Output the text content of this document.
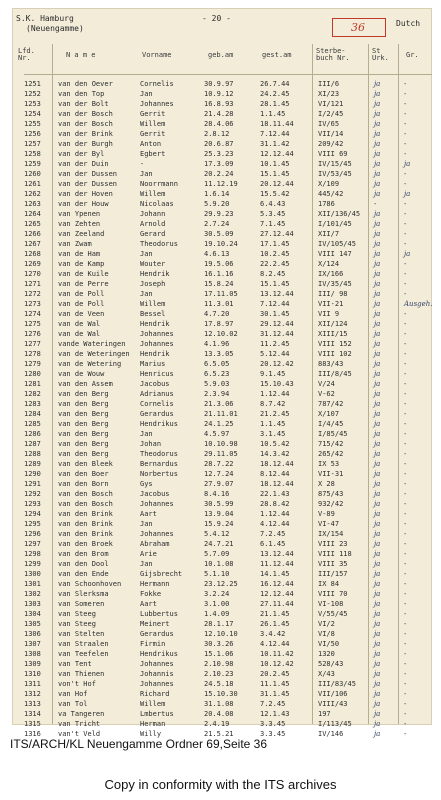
S.K. Hamburg
(Neuengamme)
- 20 -
36	Dutch
Lfd. Nr.	N a m e	Vorname	geb.am	gest.am	Sterbe-buch Nr.
St Urk.	Gr.
1251 van den Oever	Cornelis	30.9.97	26.7.44	III/6	ja	-
1252 van den Top	Jan	10.9.12	24.2.45	XI/23	ja	-
1253 van der Bolt	Johannes	16.8.93	28.1.45	VI/121	ja	-
1254 van der Bosch	Gerrit	21.4.28	1.1.45	I/2/45	ja	-
1255 van der Bosch	Willem	28.4.06	18.11.44	IV/65	ja	-
1256 van der Brink	Gerrit	2.8.12	7.12.44	VII/14	ja	-
1257 van der Burgh	Anton	20.6.87	31.1.42	209/42	ja	-
1258 van der Byl	Egbert	25.3.23	12.12.44	VIII 69	ja	-
1259 van der Duin	-	17.3.09	10.1.45	IV/15/45	ja	ja
1260 van der Dussen	Jan	20.2.24	15.1.45	IV/53/45	ja	-
1261 van der Dussen	Noorrmann	11.12.19	20.12.44	X/109	ja	-
1262 van der Hoven	Willem	1.6.14	15.5.42	445/42	ja	ja
1263 van der Houw	Nicolaas	5.9.20	6.4.43	1786	-	-
1264 van Ypenen	Johann	29.9.23	5.3.45	XII/136/45 ja	-
1265 van Zehten	Arnold	2.7.24	7.1.45	I/101/45	ja	-
1266 van Zeeland	Gerard	30.5.09	27.12.44	XII/7	ja	-
1267 van Zwam	Theodorus	19.10.24	17.1.45	IV/105/45	ja	-
1268 van de Ham	Jan	4.6.13	10.2.45	VIII 147	ja	ja
1269 van de Kamp	Wouter	19.5.06	22.2.45	X/124	ja	-
1270 van de Kuile	Hendrik	16.1.16	8.2.45	IX/166	ja	-
1271 van de Perre	Joseph	15.8.24	15.1.45	IV/35/45	ja	-
1272 van de Poll	Jan	17.11.05	13.12.44	III/ 98	ja	-
1273 van de Poll	Willem	11.3.01	7.12.44	VII-21	ja	Ausgeh.
1274 van de Veen	Bessel	4.7.20	30.1.45	VII 9	ja	-
1275 van de Wal	Hendrik	17.8.97	29.12.44	XII/124	ja	-
1276 van de Wal	Johannes	12.10.02	31.12.44	XIII/15	ja	-
1277 vande Wateringen Johannes	4.1.96	11.2.45	VIII 152	ja	-
1278 van de Weteringen Hendrik	13.3.05	5.12.44	VIII 102	ja	-
1279 van de Wetering	Marius	6.5.05	20.12.42	883/43	ja	-
1280 van de Wouw	Henricus	6.5.23	9.1.45	III/8/45	ja	-
1281 van den Assem	Jacobus	5.9.03	15.10.43	V/24	ja	-
1282 van den Berg	Adrianus	2.3.94	1.12.44	V-62	ja	-
1283 van den Berg	Cornelis	21.3.06	8.7.42	787/42	ja	-
1284 van den Berg	Gerardus	21.11.01	21.2.45	X/107	ja	-
1285 van den Berg	Hendrikus	24.1.25	1.1.45	I/4/45	ja	-
1286 van den Berg	Jan	4.5.97	3.1.45	I/85/45	ja	-
1287 van den Berg	Johan	10.10.98	10.5.42	715/42	ja	-
1288 van den Berg	Theodorus	29.11.05	14.3.42	265/42	ja	-
1289 van den Bleek	Bernardus	28.7.22	18.12.44	IX 53	ja	-
1290 van den Boer	Norbertus	12.7.24	8.12.44	VII-31	ja	-
1291 van den Born	Gys	27.9.07	18.12.44	X 28	ja	-
1292 van den Bosch	Jacobus	8.4.16	22.1.43	875/43	ja	-
1293 van den Bosch	Johannes	30.5.99	28.8.42	932/42	ja	-
1294 van den Brink	Aart	13.9.04	1.12.44	V-89	ja	-
1295 van den Brink	Jan	15.9.24	4.12.44	VI-47	ja	-
1296 van den Brink	Johannes	5.4.12	7.2.45	IX/154	ja	-
1297 van den Broek	Abraham	24.7.21	6.1.45	VIII 23	ja	-
1298 van den Brom	Arie	5.7.09	13.12.44	VIII 118	ja	-
1299 van den Dool	Jan	10.1.08	11.12.44	VIII 35	ja	-
1300 van den Ende	Gijsbrecht	5.1.10	14.1.45	III/157	ja	-
1301 van Schoonhoven	Hermann	23.12.25	16.12.44	IX 84	ja	-
1302 van Slerksma	Fokke	3.2.24	12.12.44	VIII 70	ja	-
1303 van Someren	Aart	3.1.00	27.11.44	VI-108	ja	-
1304 van Steeg	Lubbertus	1.4.09	21.1.45	V/55/45	ja	-
1305 van Steeg	Meinert	28.1.17	26.1.45	VI/2	ja	-
1306 van Stelten	Gerardus	12.10.10	3.4.42	VI/8	ja	-
1307 van Straalen	Firmin	30.3.26	4.12.44	VI/50	ja	-
1308 van Teefelen	Hendrikus	15.1.06	10.11.42	1320	ja	-
1309 van Tent	Johannes	2.10.98	10.12.42	528/43	ja	-
1310 van Thienen	Johannis	2.10.23	20.2.45	X/43	ja	-
1311 von't Hof	Johannes	24.5.18	11.1.45	III/83/45	ja	-
1312 van Hof	Richard	15.10.30	31.1.45	VII/106	ja	-
1313 van Tol	Willem	31.1.08	7.2.45	VIII/43	ja	-
1314 va Tangeren	Lmbertus	20.4.08	12.1.43	197	ja	-
1315 van Tricht	Herman	2.4.19	3.3.45	I/113/45	ja	-
1316 van't Veld	Willy	21.5.21	3.3.45	IV/146	ja	-
ITS/ARCH/KL Neuengamme Ordner 69,Seite 36
Copy in conformity with the ITS archives
